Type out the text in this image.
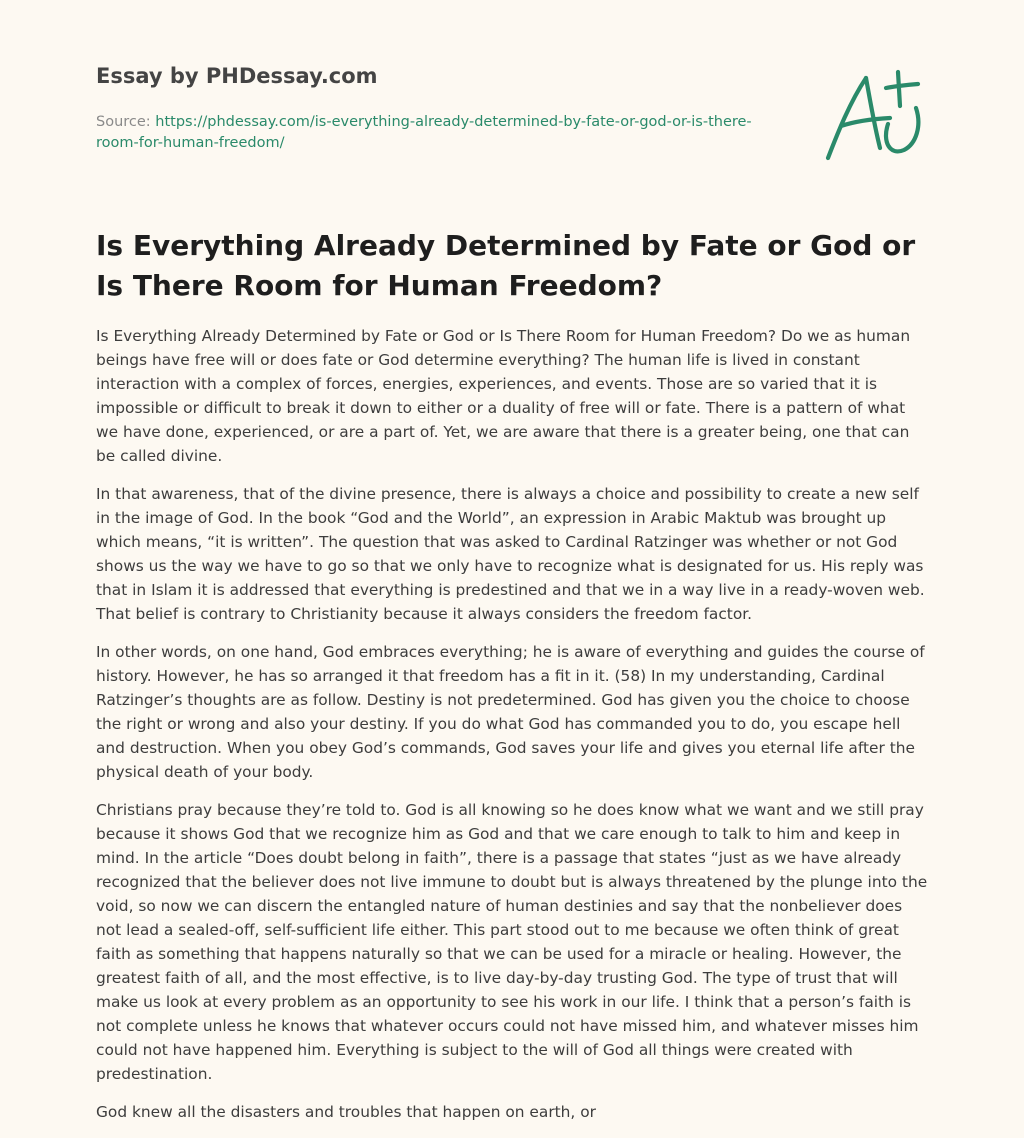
Essay by PHDessay.com
Source: https://phdessay.com/is-everything-already-determined-by-fate-or-god-or-is-there-room-for-human-freedom/
Is Everything Already Determined by Fate or God or Is There Room for Human Freedom?

Is Everything Already Determined by Fate or God or Is There Room for Human Freedom? Do we as human beings have free will or does fate or God determine everything? The human life is lived in constant interaction with a complex of forces, energies, experiences, and events. Those are so varied that it is impossible or difficult to break it down to either or a duality of free will or fate. There is a pattern of what we have done, experienced, or are a part of. Yet, we are aware that there is a greater being, one that can be called divine.

In that awareness, that of the divine presence, there is always a choice and possibility to create a new self in the image of God. In the book “God and the World”, an expression in Arabic Maktub was brought up which means, “it is written”. The question that was asked to Cardinal Ratzinger was whether or not God shows us the way we have to go so that we only have to recognize what is designated for us. His reply was that in Islam it is addressed that everything is predestined and that we in a way live in a ready-woven web. That belief is contrary to Christianity because it always considers the freedom factor.

In other words, on one hand, God embraces everything; he is aware of everything and guides the course of history. However, he has so arranged it that freedom has a fit in it. (58) In my understanding, Cardinal Ratzinger’s thoughts are as follow. Destiny is not predetermined. God has given you the choice to choose the right or wrong and also your destiny. If you do what God has commanded you to do, you escape hell and destruction. When you obey God’s commands, God saves your life and gives you eternal life after the physical death of your body.

Christians pray because they’re told to. God is all knowing so he does know what we want and we still pray because it shows God that we recognize him as God and that we care enough to talk to him and keep in mind. In the article “Does doubt belong in faith”, there is a passage that states “just as we have already recognized that the believer does not live immune to doubt but is always threatened by the plunge into the void, so now we can discern the entangled nature of human destinies and say that the nonbeliever does not lead a sealed-off, self-sufficient life either. This part stood out to me because we often think of great faith as something that happens naturally so that we can be used for a miracle or healing. However, the greatest faith of all, and the most effective, is to live day-by-day trusting God. The type of trust that will make us look at every problem as an opportunity to see his work in our life. I think that a person’s faith is not complete unless he knows that whatever occurs could not have missed him, and whatever misses him could not have happened him. Everything is subject to the will of God all things were created with predestination.

God knew all the disasters and troubles that happen on earth, or
